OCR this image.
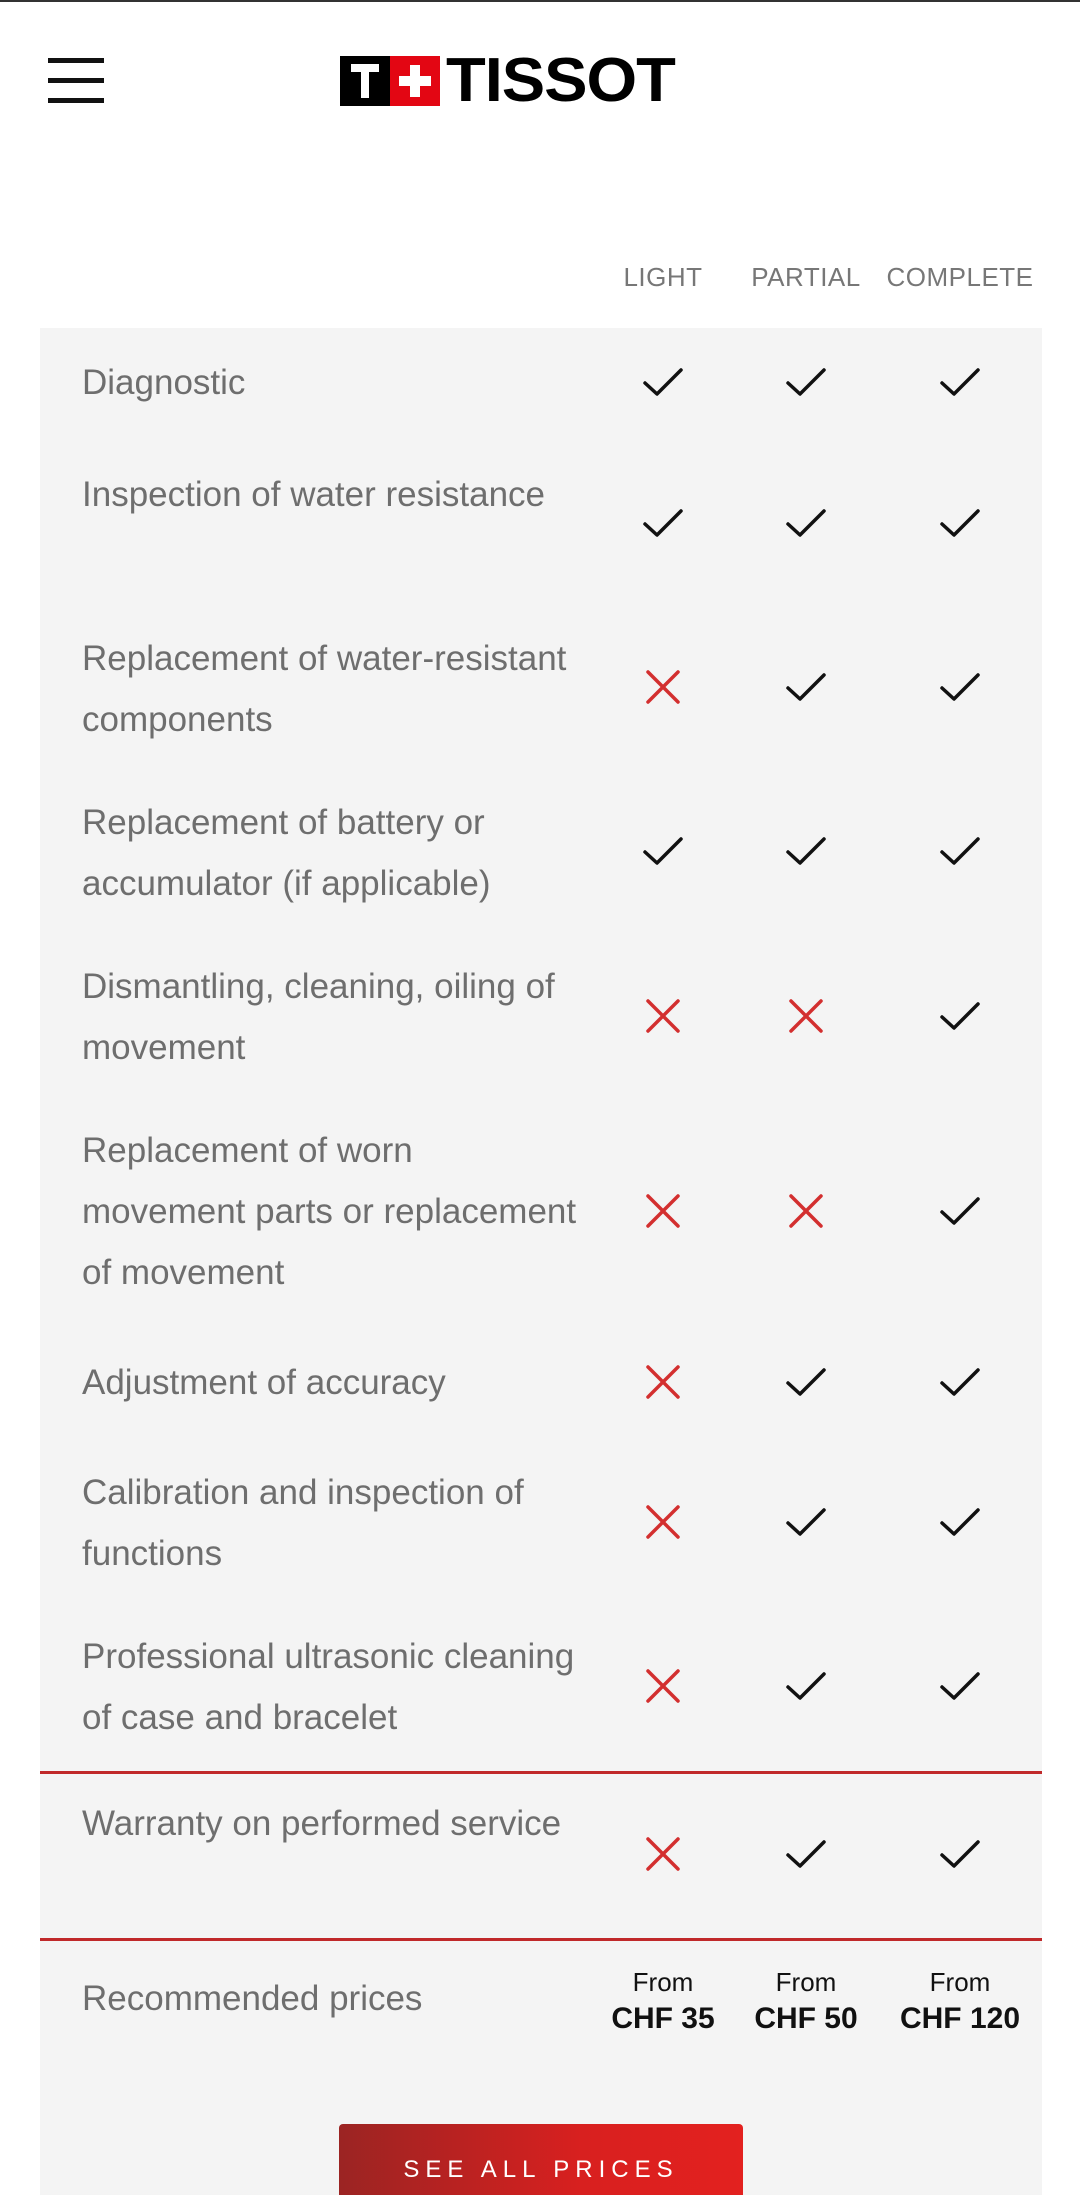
TISSOT
LIGHT	PARTIAL COMPLETE
Diagnostic
Inspection of water resistance
Replacement of water-resistant components
Replacement of battery or accumulator (if applicable)
Dismantling, cleaning, oiling of movement
Replacement of worn movement parts or replacement of movement
Adjustment of accuracy
Calibration and inspection of functions
Professional ultrasonic cleaning of case and bracelet
Warranty on performed service
Recommended prices	From
CHF 35
From
CHF 50
From
CHF 120
SEE ALL PRICES
